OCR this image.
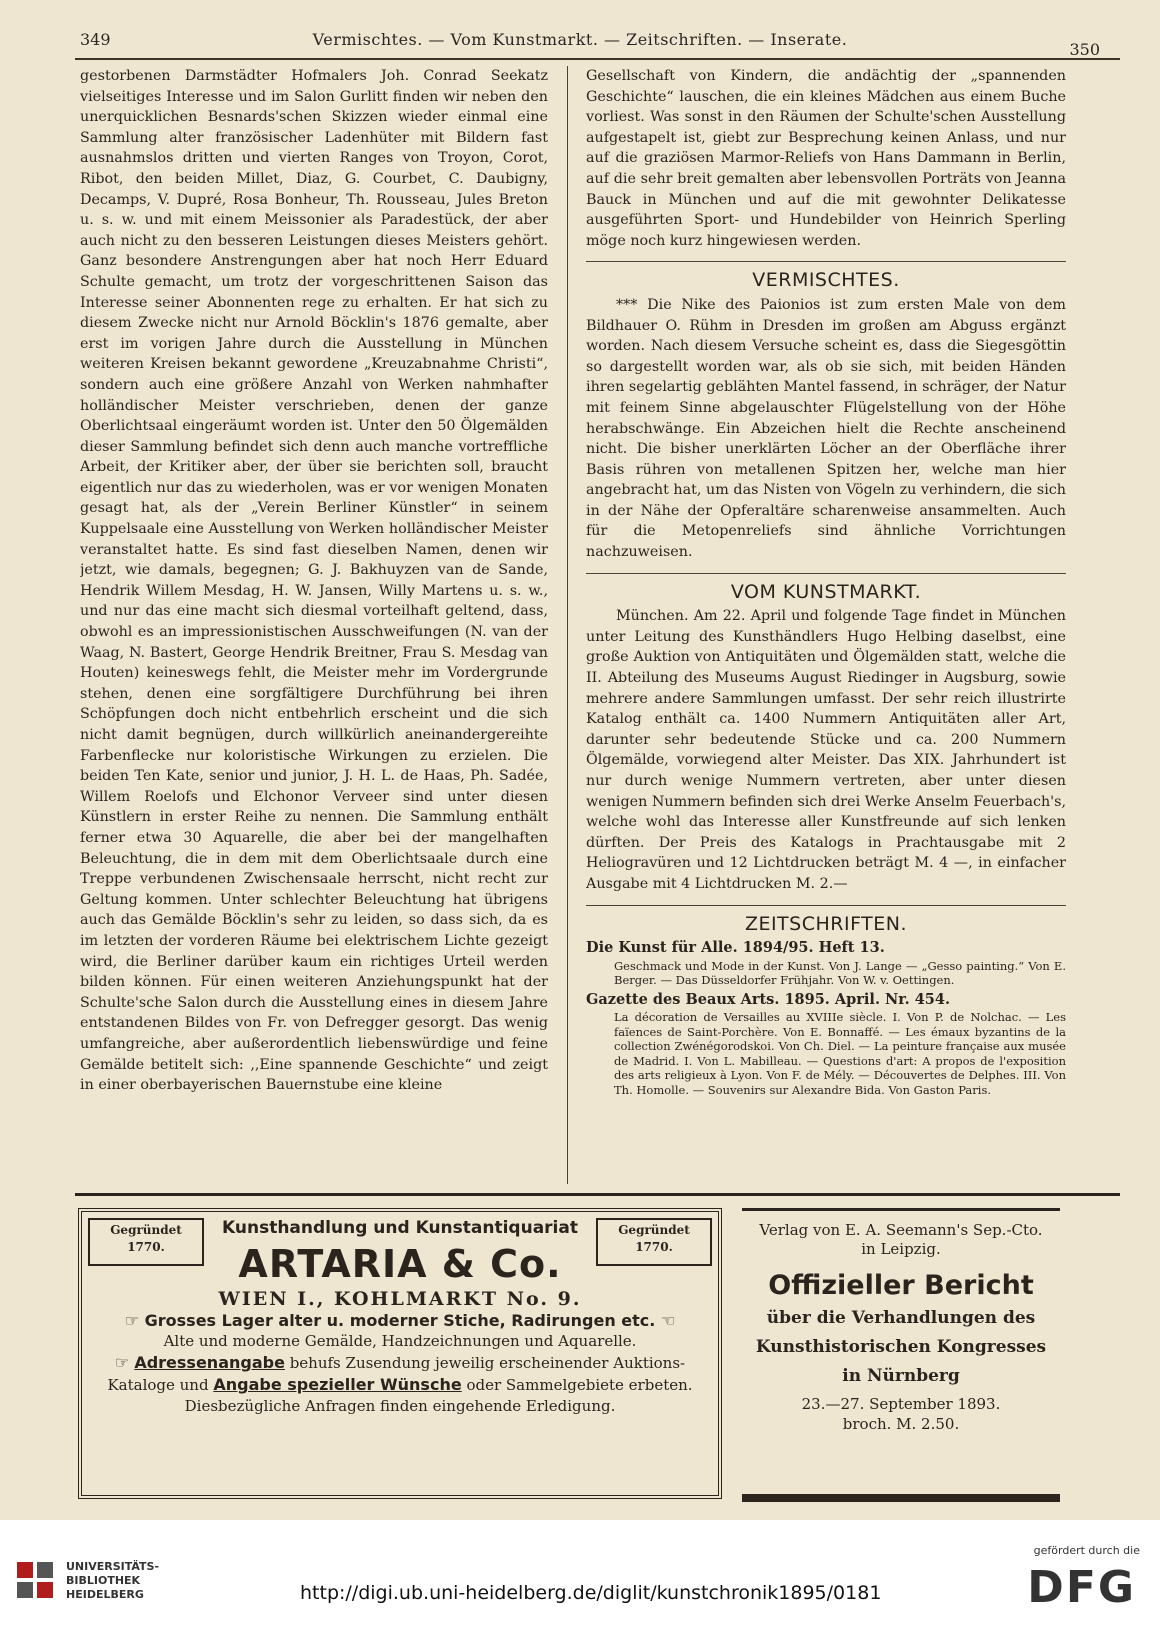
349	Vermischtes. — Vom Kunstmarkt. — Zeitschriften. — Inserate.
350

gestorbenen Darmstädter Hofmalers Joh. Conrad Seekatz vielseitiges Interesse und im Salon Gurlitt finden wir neben den unerquicklichen Besnards'schen Skizzen wieder einmal eine Sammlung alter französischer Ladenhüter mit Bildern fast ausnahmslos dritten und vierten Ranges von Troyon, Corot, Ribot, den beiden Millet, Diaz, G. Courbet, C. Daubigny, Decamps, V. Dupré, Rosa Bonheur, Th. Rousseau, Jules Breton u. s. w. und mit einem Meissonier als Paradestück, der aber auch nicht zu den besseren Leistungen dieses Meisters gehört. Ganz besondere Anstrengungen aber hat noch Herr Eduard Schulte gemacht, um trotz der vorgeschrittenen Saison das Interesse seiner Abonnenten rege zu erhalten. Er hat sich zu diesem Zwecke nicht nur Arnold Böcklin's 1876 gemalte, aber erst im vorigen Jahre durch die Ausstellung in München weiteren Kreisen bekannt gewordene „Kreuzabnahme Christi“, sondern auch eine größere Anzahl von Werken nahmhafter holländischer Meister verschrieben, denen der ganze Oberlichtsaal eingeräumt worden ist. Unter den 50 Ölgemälden dieser Sammlung befindet sich denn auch manche vortreffliche Arbeit, der Kritiker aber, der über sie berichten soll, braucht eigentlich nur das zu wiederholen, was er vor wenigen Monaten gesagt hat, als der „Verein Berliner Künstler“ in seinem Kuppelsaale eine Ausstellung von Werken holländischer Meister veranstaltet hatte. Es sind fast dieselben Namen, denen wir jetzt, wie damals, begegnen; G. J. Bakhuyzen van de Sande, Hendrik Willem Mesdag, H. W. Jansen, Willy Martens u. s. w., und nur das eine macht sich diesmal vorteilhaft geltend, dass, obwohl es an impressionistischen Ausschweifungen (N. van der Waag, N. Bastert, George Hendrik Breitner, Frau S. Mesdag van Houten) keineswegs fehlt, die Meister mehr im Vordergrunde stehen, denen eine sorgfältigere Durchführung bei ihren Schöpfungen doch nicht entbehrlich erscheint und die sich nicht damit begnügen, durch willkürlich aneinandergereihte Farbenflecke nur koloristische Wirkungen zu erzielen. Die beiden Ten Kate, senior und junior, J. H. L. de Haas, Ph. Sadée, Willem Roelofs und Elchonor Verveer sind unter diesen Künstlern in erster Reihe zu nennen. Die Sammlung enthält ferner etwa 30 Aquarelle, die aber bei der mangelhaften Beleuchtung, die in dem mit dem Oberlichtsaale durch eine Treppe verbundenen Zwischensaale herrscht, nicht recht zur Geltung kommen. Unter schlechter Beleuchtung hat übrigens auch das Gemälde Böcklin's sehr zu leiden, so dass sich, da es im letzten der vorderen Räume bei elektrischem Lichte gezeigt wird, die Berliner darüber kaum ein richtiges Urteil werden bilden können. Für einen weiteren Anziehungspunkt hat der Schulte'sche Salon durch die Ausstellung eines in diesem Jahre entstandenen Bildes von Fr. von Defregger gesorgt. Das wenig umfangreiche, aber außerordentlich liebenswürdige und feine Gemälde betitelt sich: ,,Eine spannende Geschichte“ und zeigt in einer oberbayerischen Bauernstube eine kleine

Gesellschaft von Kindern, die andächtig der „spannenden Geschichte“ lauschen, die ein kleines Mädchen aus einem Buche vorliest. Was sonst in den Räumen der Schulte'schen Ausstellung aufgestapelt ist, giebt zur Besprechung keinen Anlass, und nur auf die graziösen Marmor-Reliefs von Hans Dammann in Berlin, auf die sehr breit gemalten aber lebensvollen Porträts von Jeanna Bauck in München und auf die mit gewohnter Delikatesse ausgeführten Sport- und Hundebilder von Heinrich Sperling möge noch kurz hingewiesen werden.

VERMISCHTES.

*** Die Nike des Paionios ist zum ersten Male von dem Bildhauer O. Rühm in Dresden im großen am Abguss ergänzt worden. Nach diesem Versuche scheint es, dass die Siegesgöttin so dargestellt worden war, als ob sie sich, mit beiden Händen ihren segelartig geblähten Mantel fassend, in schräger, der Natur mit feinem Sinne abgelauschter Flügelstellung von der Höhe herabschwänge. Ein Abzeichen hielt die Rechte anscheinend nicht. Die bisher unerklärten Löcher an der Oberfläche ihrer Basis rühren von metallenen Spitzen her, welche man hier angebracht hat, um das Nisten von Vögeln zu verhindern, die sich in der Nähe der Opferaltäre scharenweise ansammelten. Auch für die Metopenreliefs sind ähnliche Vorrichtungen nachzuweisen.

VOM KUNSTMARKT.

München. Am 22. April und folgende Tage findet in München unter Leitung des Kunsthändlers Hugo Helbing daselbst, eine große Auktion von Antiquitäten und Ölgemälden statt, welche die II. Abteilung des Museums August Riedinger in Augsburg, sowie mehrere andere Sammlungen umfasst. Der sehr reich illustrirte Katalog enthält ca. 1400 Nummern Antiquitäten aller Art, darunter sehr bedeutende Stücke und ca. 200 Nummern Ölgemälde, vorwiegend alter Meister. Das XIX. Jahrhundert ist nur durch wenige Nummern vertreten, aber unter diesen wenigen Nummern befinden sich drei Werke Anselm Feuerbach's, welche wohl das Interesse aller Kunstfreunde auf sich lenken dürften. Der Preis des Katalogs in Prachtausgabe mit 2 Heliogravüren und 12 Lichtdrucken beträgt M. 4 —, in einfacher Ausgabe mit 4 Lichtdrucken M. 2.—

ZEITSCHRIFTEN.
Die Kunst für Alle. 1894/95. Heft 13.
Geschmack und Mode in der Kunst. Von J. Lange — „Gesso painting.“ Von E. Berger. — Das Düsseldorfer Frühjahr. Von W. v. Oettingen.
Gazette des Beaux Arts. 1895. April. Nr. 454.
La décoration de Versailles au XVIIIe siècle. I. Von P. de Nolchac. — Les faïences de Saint-Porchère. Von E. Bonnaffé. — Les émaux byzantins de la collection Zwénégorodskoi. Von Ch. Diel. — La peinture française aux musée de Madrid. I. Von L. Mabilleau. — Questions d'art: A propos de l'exposition des arts religieux à Lyon. Von F. de Mély. — Découvertes de Delphes. III. Von Th. Homolle. — Souvenirs sur Alexandre Bida. Von Gaston Paris.
Gegründet
1770.
Gegründet
1770.
Kunsthandlung und Kunstantiquariat
ARTARIA & Co.
WIEN I., KOHLMARKT No. 9.
☞ Grosses Lager alter u. moderner Stiche, Radirungen etc. ☜
Alte und moderne Gemälde, Handzeichnungen und Aquarelle.
☞ Adressenangabe behufs Zusendung jeweilig erscheinender Auktions-
Kataloge und Angabe spezieller Wünsche oder Sammelgebiete erbeten.
Diesbezügliche Anfragen finden eingehende Erledigung.
Verlag von E. A. Seemann's Sep.-Cto.
in Leipzig.
Offizieller Bericht
über die Verhandlungen des
Kunsthistorischen Kongresses
in Nürnberg
23.—27. September 1893.
broch. M. 2.50.
UNIVERSITÄTS-
BIBLIOTHEK
HEIDELBERG	http://digi.ub.uni-heidelberg.de/diglit/kunstchronik1895/0181
gefördert durch die
DFG
